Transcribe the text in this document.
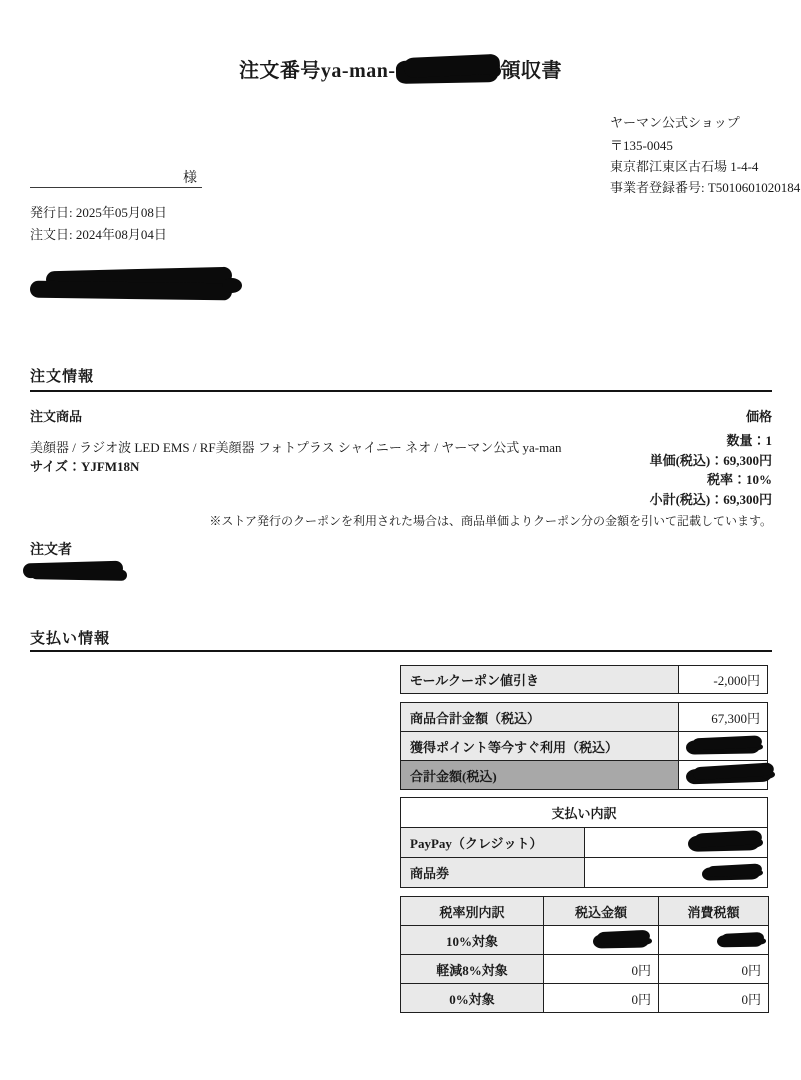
注文番号ya-man-	領収書
ヤーマン公式ショップ
〒135-0045
東京都江東区古石場 1-4-4
事業者登録番号: T5010601020184
様
発行日: 2025年05月08日
注文日: 2024年08月04日
注文情報
注文商品	価格
美顔器 / ラジオ波 LED EMS / RF美顔器 フォトプラス シャイニー ネオ / ヤーマン公式 ya-man
サイズ：YJFM18N
数量：1
単価(税込)：69,300円
税率：10%
小計(税込)：69,300円
※ストア発行のクーポンを利用された場合は、商品単価よりクーポン分の金額を引いて記載しています。
注文者
支払い情報
モールクーポン値引き	-2,000円
商品合計金額（税込）	67,300円
獲得ポイント等今すぐ利用（税込）	
合計金額(税込)	
支払い内訳	
PayPay（クレジット）	
商品券	
税率別内訳	税込金額	消費税額
10%対象		
軽減8%対象	0円	0円
0%対象	0円	0円
